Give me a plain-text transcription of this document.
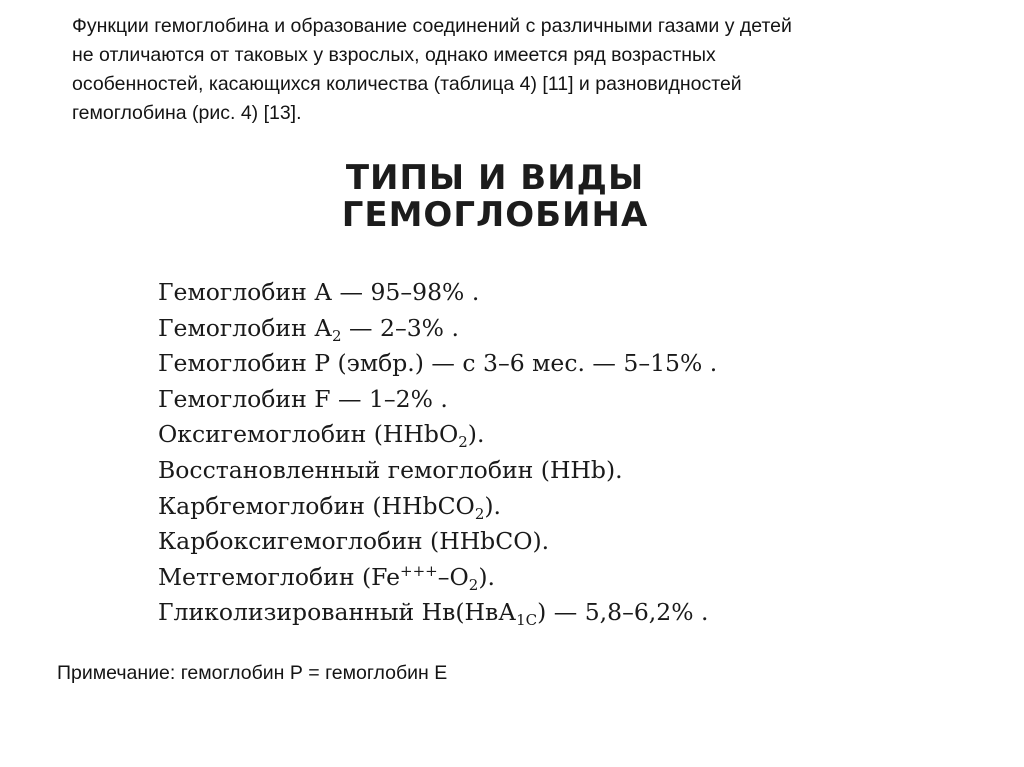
Функции гемоглобина и образование соединений с различными газами у детей
не отличаются от таковых у взрослых, однако имеется ряд возрастных
особенностей, касающихся количества (таблица 4) [11] и разновидностей
гемоглобина (рис. 4) [13].
ТИПЫ И ВИДЫ
ГЕМОГЛОБИНА
Гемоглобин А — 95–98% .
Гемоглобин $А_2$ — 2–3% .
Гемоглобин Р (эмбр.) — с 3–6 мес. — 5–15% .
Гемоглобин F — 1–2% .
Оксигемоглобин (HHbO$_2$).
Восстановленный гемоглобин (HHb).
Карбгемоглобин (HHbCO$_2$).
Карбоксигемоглобин (HHbCO).
Метгемоглобин $(Fe^{+++}-O_2)$.
Гликолизированный Нв(НвА$_{1С}$) — 5,8–6,2% .
Примечание: гемоглобин Р = гемоглобин Е
